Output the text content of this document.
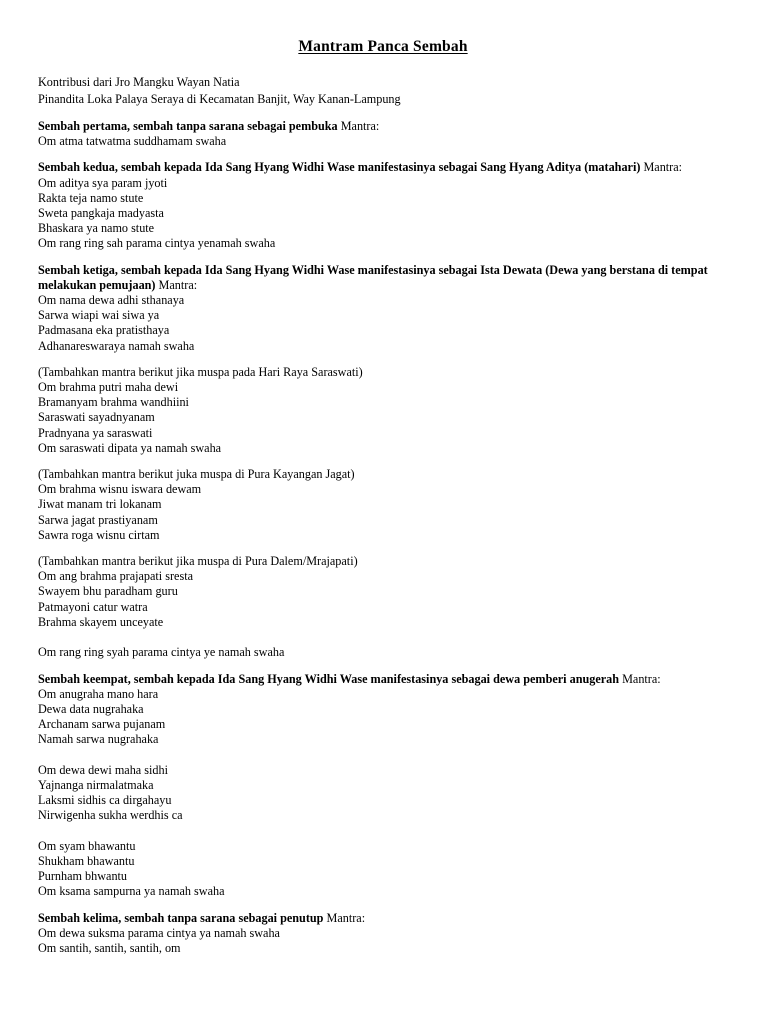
Mantram Panca Sembah
Kontribusi dari Jro Mangku Wayan Natia
Pinandita Loka Palaya Seraya di Kecamatan Banjit, Way Kanan-Lampung
Sembah pertama, sembah tanpa sarana sebagai pembuka Mantra:
Om atma tatwatma suddhamam swaha
Sembah kedua, sembah kepada Ida Sang Hyang Widhi Wase manifestasinya sebagai Sang Hyang Aditya (matahari) Mantra:
Om aditya sya param jyoti
Rakta teja namo stute
Sweta pangkaja madyasta
Bhaskara ya namo stute
Om rang ring sah parama cintya yenamah swaha
Sembah ketiga, sembah kepada Ida Sang Hyang Widhi Wase manifestasinya sebagai Ista Dewata (Dewa yang berstana di tempat melakukan pemujaan) Mantra:
Om nama dewa adhi sthanaya
Sarwa wiapi wai siwa ya
Padmasana eka pratisthaya
Adhanareswaraya namah swaha
(Tambahkan mantra berikut jika muspa pada Hari Raya Saraswati)
Om brahma putri maha dewi
Bramanyam brahma wandhiini
Saraswati sayadnyanam
Pradnyana ya saraswati
Om saraswati dipata ya namah swaha
(Tambahkan mantra berikut juka muspa di Pura Kayangan Jagat)
Om brahma wisnu iswara dewam
Jiwat manam tri lokanam
Sarwa jagat prastiyanam
Sawra roga wisnu cirtam
(Tambahkan mantra berikut jika muspa di Pura Dalem/Mrajapati)
Om ang brahma prajapati sresta
Swayem bhu paradham guru
Patmayoni catur watra
Brahma skayem unceyate

Om rang ring syah parama cintya ye namah swaha
Sembah keempat, sembah kepada Ida Sang Hyang Widhi Wase manifestasinya sebagai dewa pemberi anugerah Mantra:
Om anugraha mano hara
Dewa data nugrahaka
Archanam sarwa pujanam
Namah sarwa nugrahaka

Om dewa dewi maha sidhi
Yajnanga nirmalatmaka
Laksmi sidhis ca dirgahayu
Nirwigenha sukha werdhis ca

Om syam bhawantu
Shukham bhawantu
Purnham bhwantu
Om ksama sampurna ya namah swaha
Sembah kelima, sembah tanpa sarana sebagai penutup Mantra:
Om dewa suksma parama cintya ya namah swaha
Om santih, santih, santih, om
